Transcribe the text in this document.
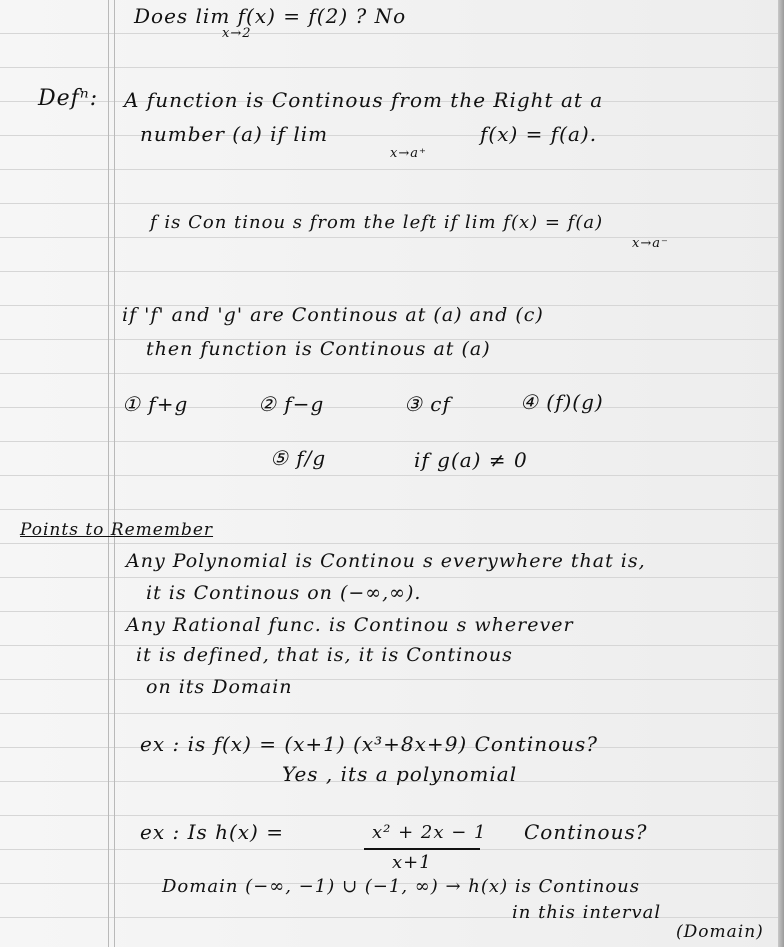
Does lim f(x) = f(2) ? No
x→2
Defⁿ: A function is Continous from the Right at a
number (a) if lim	f(x) = f(a).
x→a⁺
f is Con tinou s from the left if lim f(x) = f(a)
x→a⁻
if 'f' and 'g' are Continous at (a) and (c)
then function is Continous at (a)
① f+g	② f−g	③ cf	④ (f)(g)
⑤ f/g	if g(a) ≠ 0
Points to Remember
Any Polynomial is Continou s everywhere that is,
it is Continous on (−∞,∞).
Any Rational func. is Continou s wherever
it is defined, that is, it is Continous
on its Domain
ex : is f(x) = (x+1) (x³+8x+9) Continous?
Yes , its a polynomial
ex : Is h(x) =	x² + 2x − 1 Continous?
x+1
Domain (−∞, −1) ∪ (−1, ∞) → h(x) is Continous
in this interval
(Domain)
